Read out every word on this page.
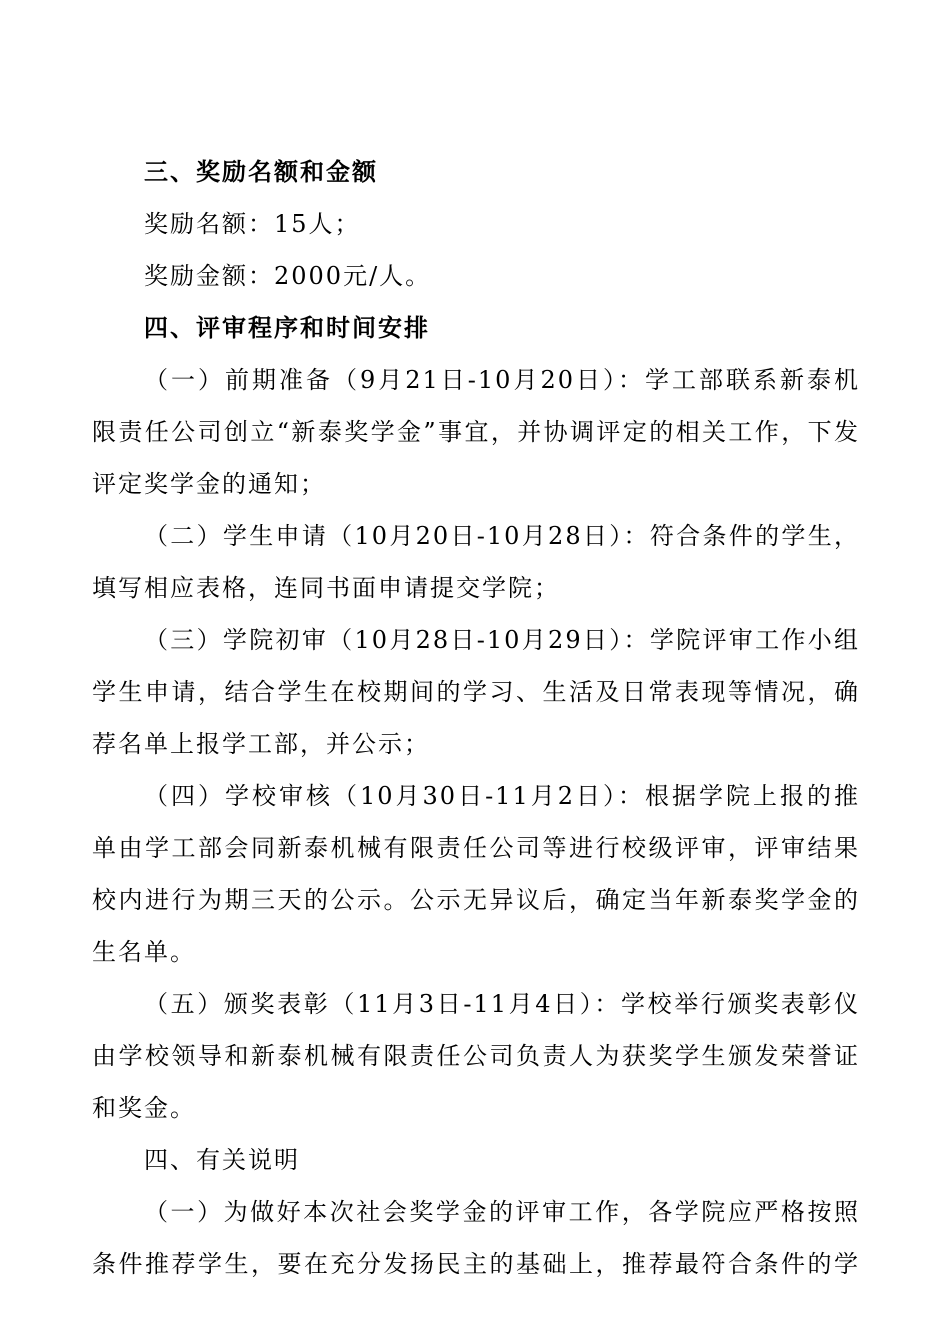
三、奖励名额和金额
奖励名额：15人；
奖励金额：2000元/人。
四、评审程序和时间安排
（一）前期准备（9月21日-10月20日）：学工部联系新泰机
限责任公司创立“新泰奖学金”事宜，并协调评定的相关工作，下发
评定奖学金的通知；
（二）学生申请（10月20日-10月28日）：符合条件的学生，
填写相应表格，连同书面申请提交学院；
（三）学院初审（10月28日-10月29日）：学院评审工作小组
学生申请，结合学生在校期间的学习、生活及日常表现等情况，确
荐名单上报学工部，并公示；
（四）学校审核（10月30日-11月2日）：根据学院上报的推
单由学工部会同新泰机械有限责任公司等进行校级评审，评审结果
校内进行为期三天的公示。公示无异议后，确定当年新泰奖学金的
生名单。
（五）颁奖表彰（11月3日-11月4日）：学校举行颁奖表彰仪
由学校领导和新泰机械有限责任公司负责人为获奖学生颁发荣誉证
和奖金。
四、有关说明
（一）为做好本次社会奖学金的评审工作，各学院应严格按照
条件推荐学生，要在充分发扬民主的基础上，推荐最符合条件的学
